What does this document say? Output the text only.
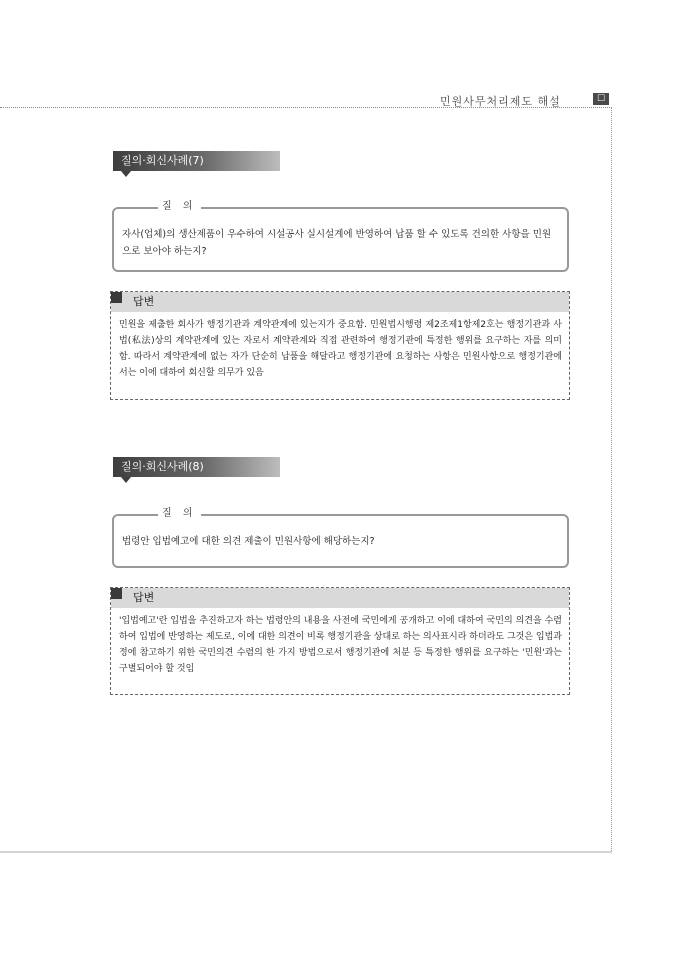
민원사무처리제도 해설	☐
질의·회신사례(7)
질 의
자사(업체)의 생산제품이 우수하여 시설공사 실시설계에 반영하여 납품 할 수 있도록 건의한 사항을 민원으로 보아야 하는지?
답변
민원을 제출한 회사가 행정기관과 계약관계에 있는지가 중요함. 민원법시행령 제2조제1항제2호는 행정기관과 사법(私法)상의 계약관계에 있는 자로서 계약관계와 직접 관련하여 행정기관에 특정한 행위를 요구하는 자를 의미함. 따라서 계약관계에 없는 자가 단순히 납품을 해달라고 행정기관에 요청하는 사항은 민원사항으로 행정기관에서는 이에 대하여 회신할 의무가 있음
질의·회신사례(8)
질 의
법령안 입법예고에 대한 의견 제출이 민원사항에 해당하는지?
답변
'입법예고'란 입법을 추진하고자 하는 법령안의 내용을 사전에 국민에게 공개하고 이에 대하여 국민의 의견을 수렴하여 입법에 반영하는 제도로, 이에 대한 의견이 비록 행정기관을 상대로 하는 의사표시라 하더라도 그것은 입법과정에 참고하기 위한 국민의견 수렴의 한 가지 방법으로서 행정기관에 처분 등 특정한 행위를 요구하는 '민원'과는 구별되어야 할 것임
